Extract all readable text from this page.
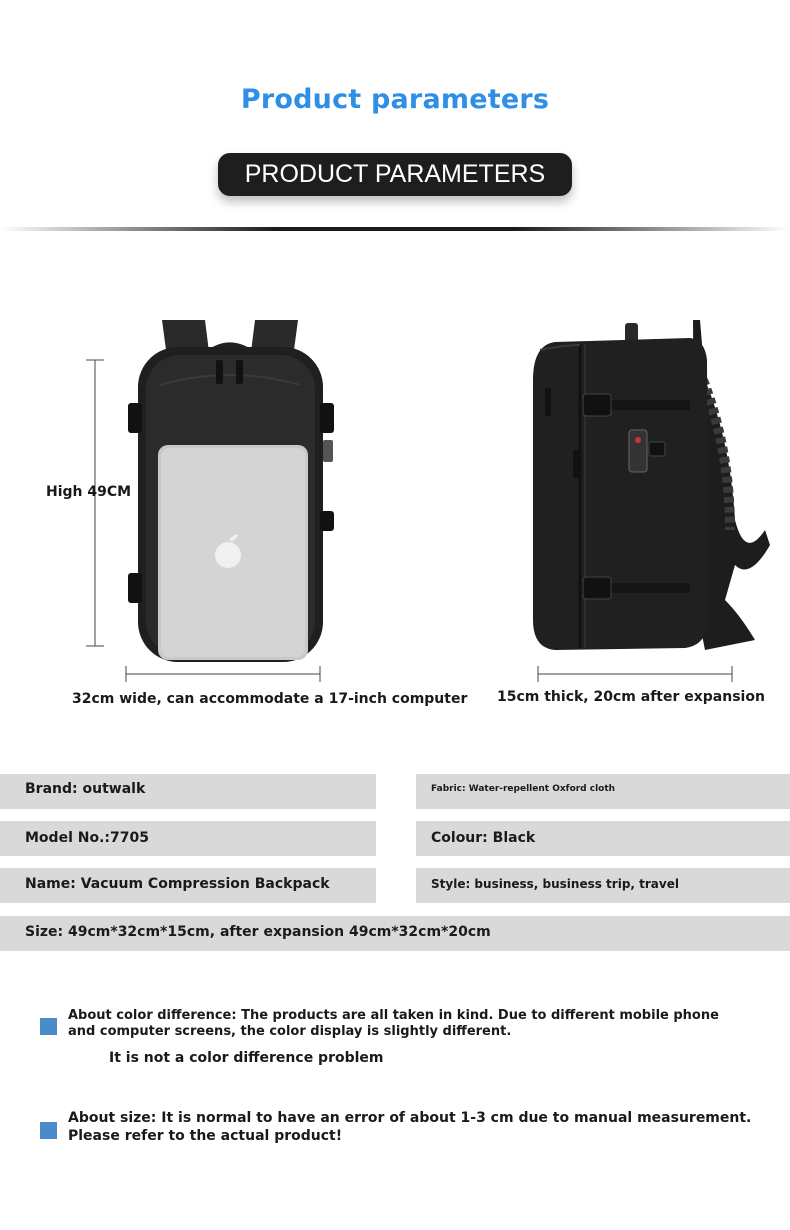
Product parameters
PRODUCT PARAMETERS
High 49CM
32cm wide, can accommodate a 17-inch computer 15cm thick, 20cm after expansion
Brand: outwalk	Fabric: Water-repellent Oxford cloth
Model No.:7705	Colour: Black
Name: Vacuum Compression Backpack	Style: business, business trip, travel
Size: 49cm*32cm*15cm, after expansion 49cm*32cm*20cm
About color difference: The products are all taken in kind. Due to different mobile phone and computer screens, the color display is slightly different.
It is not a color difference problem
About size: It is normal to have an error of about 1-3 cm due to manual measurement. Please refer to the actual product!
